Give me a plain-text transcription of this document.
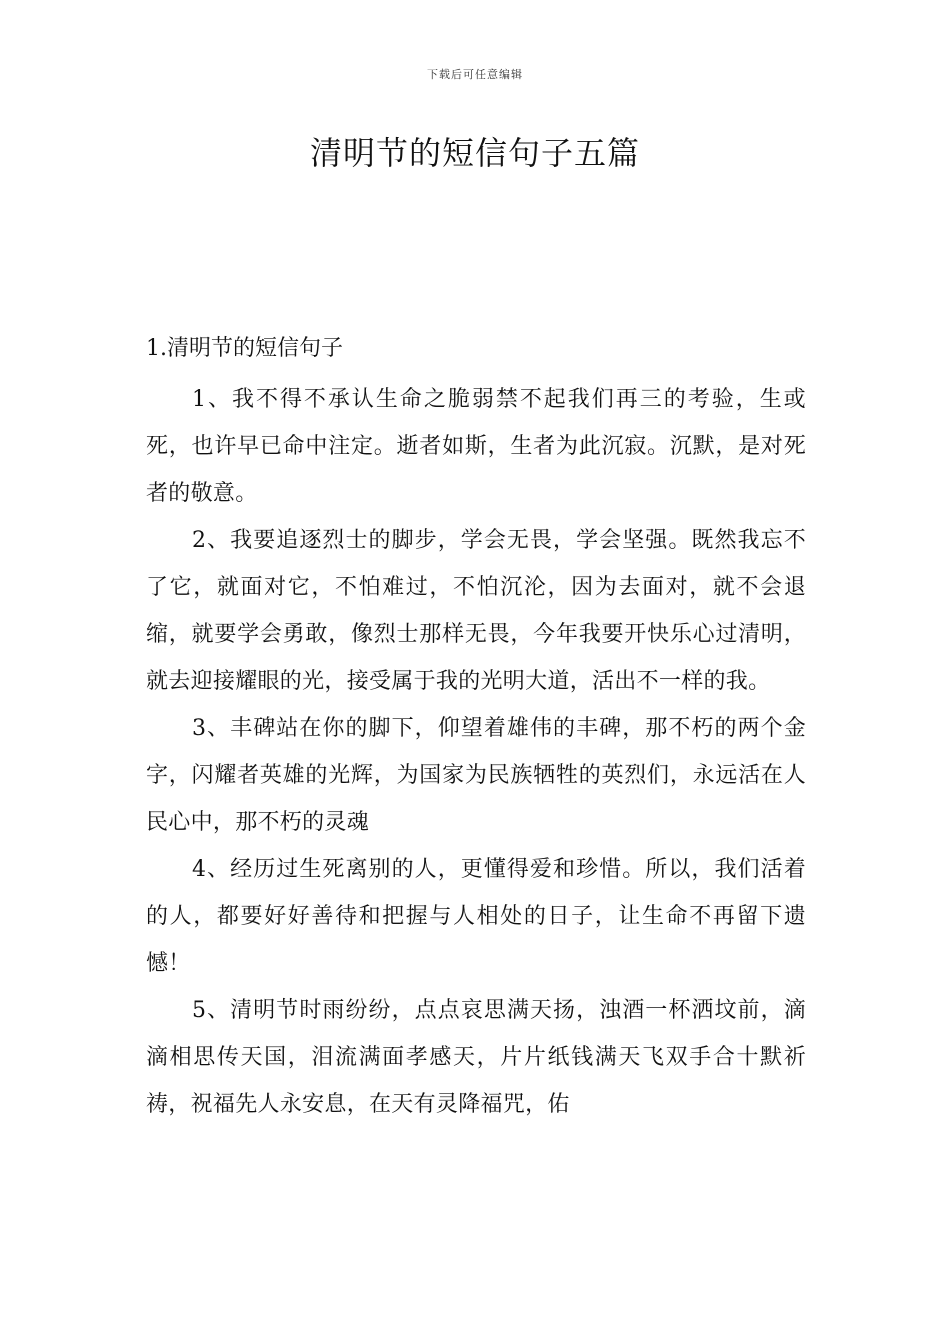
下载后可任意编辑
清明节的短信句子五篇

1.清明节的短信句子

1、我不得不承认生命之脆弱禁不起我们再三的考验，生或死，也许早已命中注定。逝者如斯，生者为此沉寂。沉默，是对死者的敬意。

2、我要追逐烈士的脚步，学会无畏，学会坚强。既然我忘不了它，就面对它，不怕难过，不怕沉沦，因为去面对，就不会退缩，就要学会勇敢，像烈士那样无畏，今年我要开快乐心过清明，就去迎接耀眼的光，接受属于我的光明大道，活出不一样的我。

3、丰碑站在你的脚下，仰望着雄伟的丰碑，那不朽的两个金字，闪耀者英雄的光辉，为国家为民族牺牲的英烈们，永远活在人民心中，那不朽的灵魂

4、经历过生死离别的人，更懂得爱和珍惜。所以，我们活着的人，都要好好善待和把握与人相处的日子，让生命不再留下遗憾！

5、清明节时雨纷纷，点点哀思满天扬，浊酒一杯洒坟前，滴滴相思传天国，泪流满面孝感天，片片纸钱满天飞双手合十默祈祷，祝福先人永安息，在天有灵降福咒，佑
